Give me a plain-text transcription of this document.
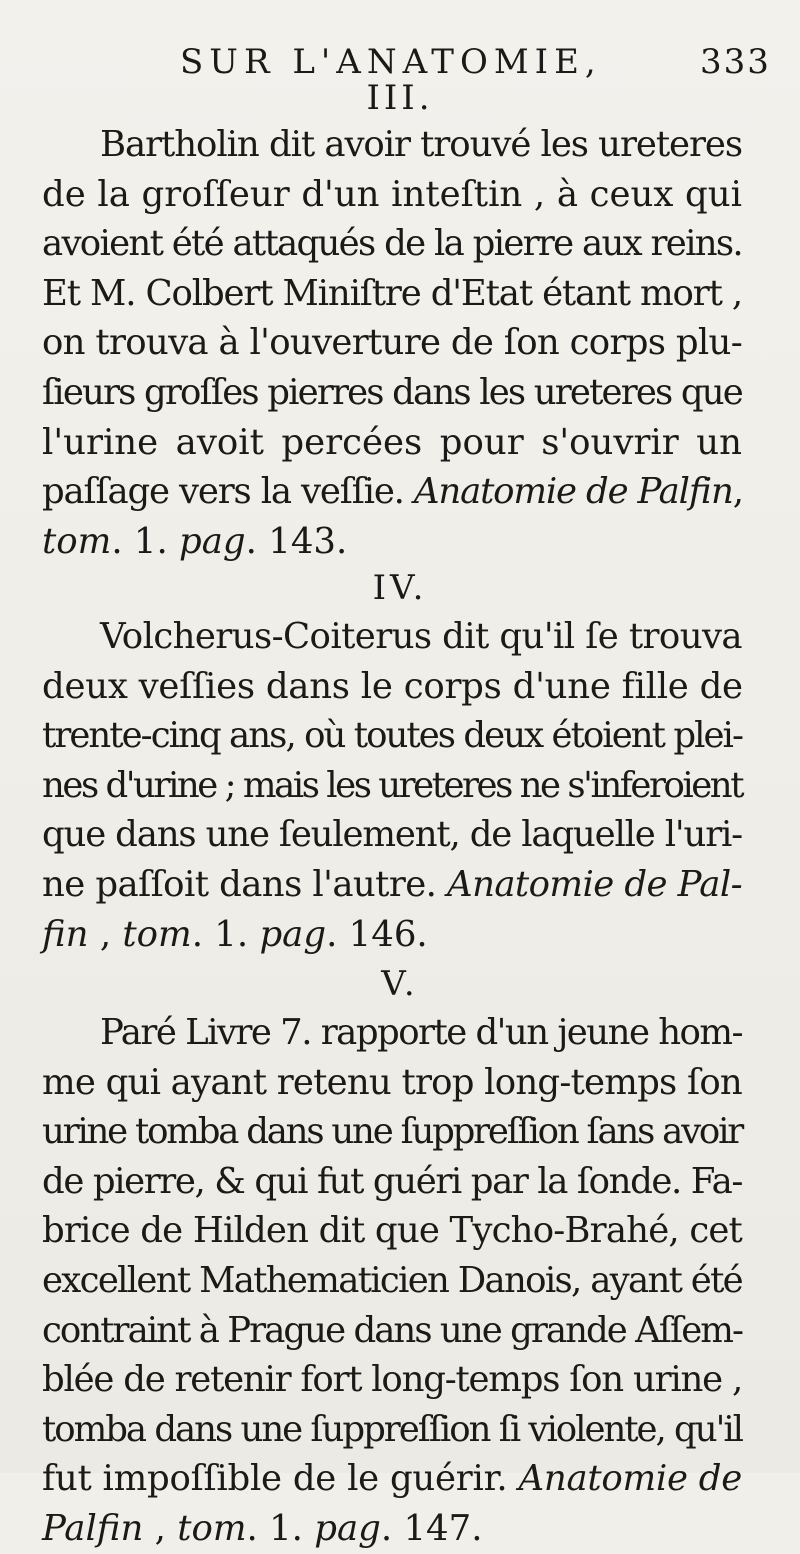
SUR L'ANATOMIE,	333
III.
Bartholin dit avoir trouvé les ureteres
de la groſſeur d'un inteſtin , à ceux qui
avoient été attaqués de la pierre aux reins.
Et M. Colbert Miniſtre d'Etat étant mort ,
on trouva à l'ouverture de ſon corps plu-
ſieurs groſſes pierres dans les ureteres que
l'urine avoit percées pour s'ouvrir un
paſſage vers la veſſie. Anatomie de Palfin,
tom. 1. pag. 143.
IV.
Volcherus-Coiterus dit qu'il ſe trouva
deux veſſies dans le corps d'une fille de
trente-cinq ans, où toutes deux étoient plei-
nes d'urine ; mais les ureteres ne s'inferoient
que dans une ſeulement, de laquelle l'uri-
ne paſſoit dans l'autre. Anatomie de Pal-
fin , tom. 1. pag. 146.
V.
Paré Livre 7. rapporte d'un jeune hom-
me qui ayant retenu trop long-temps ſon
urine tomba dans une ſuppreſſion ſans avoir
de pierre, & qui fut guéri par la ſonde. Fa-
brice de Hilden dit que Tycho-Brahé, cet
excellent Mathematicien Danois, ayant été
contraint à Prague dans une grande Aſſem-
blée de retenir fort long-temps ſon urine ,
tomba dans une ſuppreſſion ſi violente, qu'il
fut impoſſible de le guérir. Anatomie de
Palfin , tom. 1. pag. 147.
